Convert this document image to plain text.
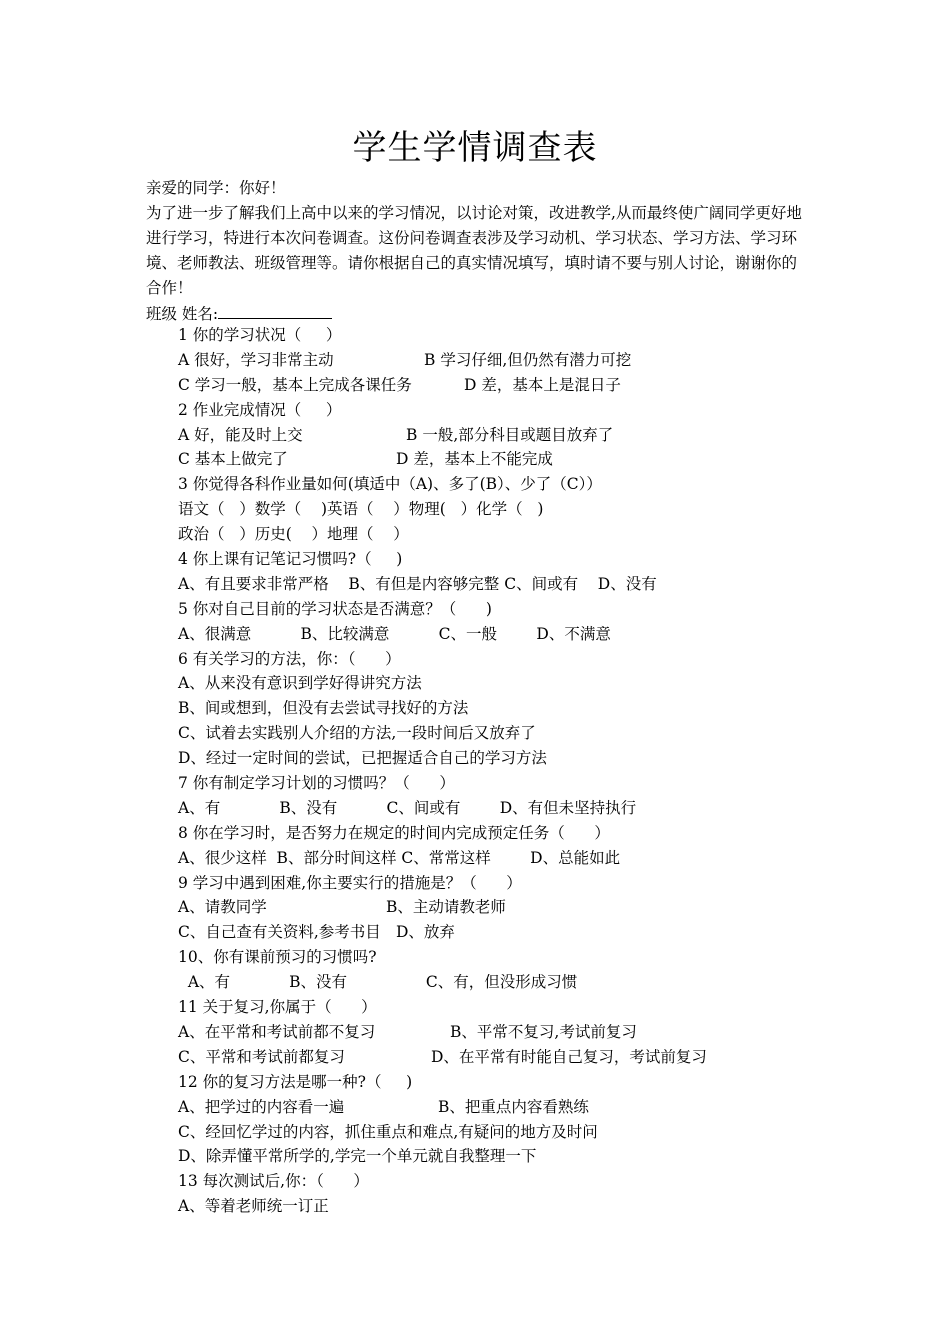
学生学情调查表

亲爱的同学：你好！

为了进一步了解我们上高中以来的学习情况，以讨论对策，改进教学,从而最终使广阔同学更好地进行学习，特进行本次问卷调查。这份问卷调查表涉及学习动机、学习状态、学习方法、学习环境、老师教法、班级管理等。请你根据自己的真实情况填写，填时请不要与别人讨论，谢谢你的合作！

班级 姓名:

1 你的学习状况（     ）
A 很好，学习非常主动	B 学习仔细,但仍然有潜力可挖
C 学习一般，基本上完成各课任务	D 差，基本上是混日子
2 作业完成情况（     ）
A 好，能及时上交	B 一般,部分科目或题目放弃了
C 基本上做完了	D 差，基本上不能完成
3 你觉得各科作业量如何(填适中（A)、多了(B）、少了（C））
语文（   ）数学（    )英语（    ）物理(   ）化学（   )
政治（   ）历史(    ）地理（    ）
4 你上课有记笔记习惯吗?（     )
A、有且要求非常严格    B、有但是内容够完整 C、间或有    D、没有
5 你对自己目前的学习状态是否满意？（      )
A、很满意          B、比较满意          C、一般        D、不满意
6 有关学习的方法，你：（      ）
A、从来没有意识到学好得讲究方法
B、间或想到，但没有去尝试寻找好的方法
C、试着去实践别人介绍的方法,一段时间后又放弃了
D、经过一定时间的尝试，已把握适合自己的学习方法
7 你有制定学习计划的习惯吗？（      ）
A、有            B、没有          C、间或有        D、有但未坚持执行
8 你在学习时，是否努力在规定的时间内完成预定任务（      ）
A、很少这样  B、部分时间这样 C、常常这样        D、总能如此
9 学习中遇到困难,你主要实行的措施是？（      ）
A、请教同学	B、主动请教老师
C、自己查有关资料,参考书目 D、放弃
10、你有课前预习的习惯吗?
A、有            B、没有                C、有，但没形成习惯
11 关于复习,你属于（      ）
A、在平常和考试前都不复习	B、平常不复习,考试前复习
C、平常和考试前都复习	D、在平常有时能自己复习，考试前复习
12 你的复习方法是哪一种?（     )
A、把学过的内容看一遍	B、把重点内容看熟练
C、经回忆学过的内容，抓住重点和难点,有疑问的地方及时问
D、除弄懂平常所学的,学完一个单元就自我整理一下
13 每次测试后,你：（      ）
A、等着老师统一订正
